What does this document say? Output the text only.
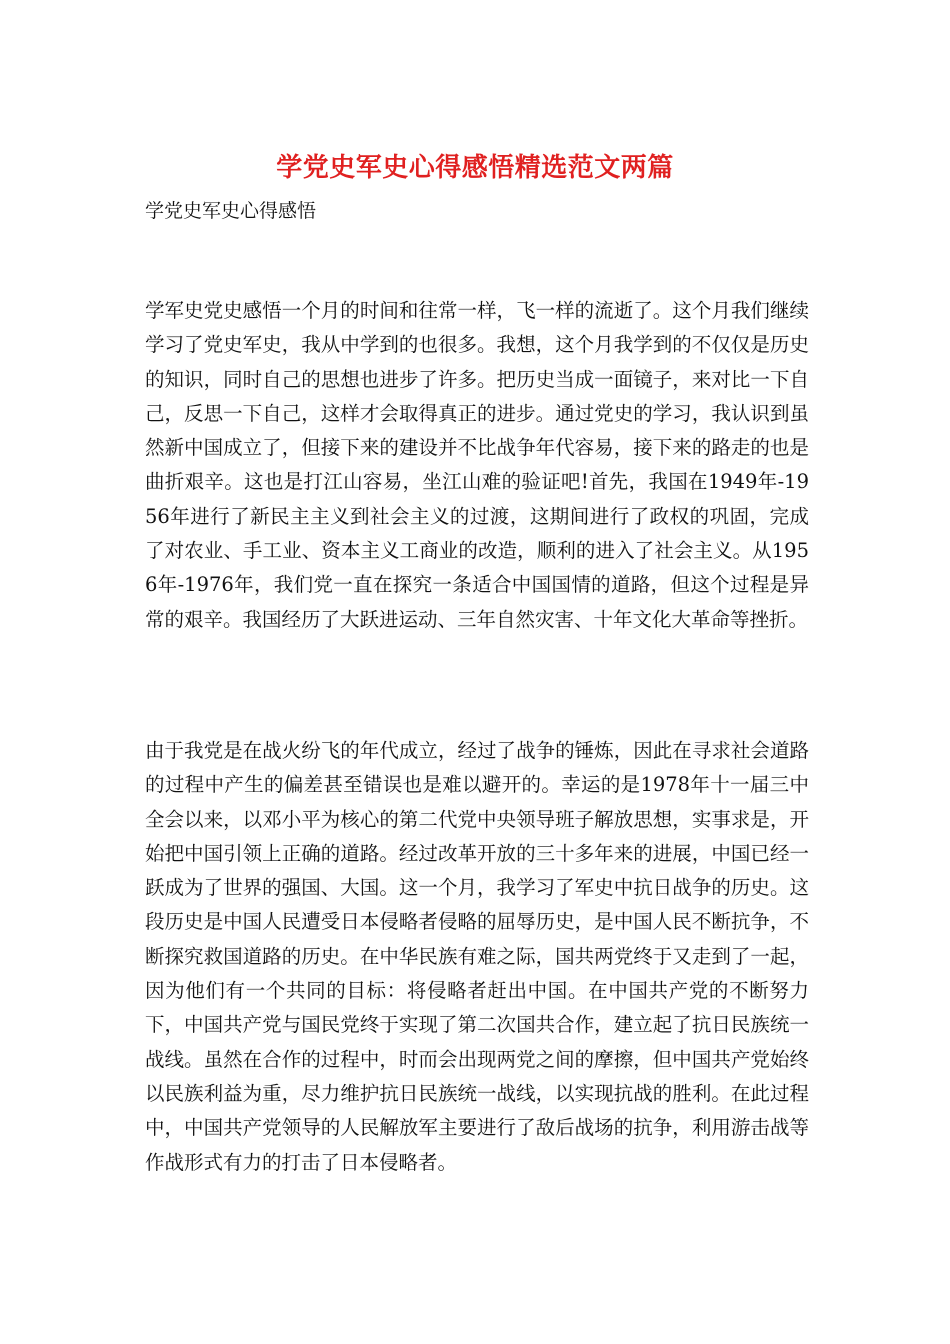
学党史军史心得感悟精选范文两篇
学党史军史心得感悟

学军史党史感悟一个月的时间和往常一样，飞一样的流逝了。这个月我们继续学习了党史军史，我从中学到的也很多。我想，这个月我学到的不仅仅是历史的知识，同时自己的思想也进步了许多。把历史当成一面镜子，来对比一下自己，反思一下自己，这样才会取得真正的进步。通过党史的学习，我认识到虽然新中国成立了，但接下来的建设并不比战争年代容易，接下来的路走的也是曲折艰辛。这也是打江山容易，坐江山难的验证吧!首先，我国在1949年-1956年进行了新民主主义到社会主义的过渡，这期间进行了政权的巩固，完成了对农业、手工业、资本主义工商业的改造，顺利的进入了社会主义。从1956年-1976年，我们党一直在探究一条适合中国国情的道路，但这个过程是异常的艰辛。我国经历了大跃进运动、三年自然灾害、十年文化大革命等挫折。

由于我党是在战火纷飞的年代成立，经过了战争的锤炼，因此在寻求社会道路的过程中产生的偏差甚至错误也是难以避开的。幸运的是1978年十一届三中全会以来，以邓小平为核心的第二代党中央领导班子解放思想，实事求是，开始把中国引领上正确的道路。经过改革开放的三十多年来的进展，中国已经一跃成为了世界的强国、大国。这一个月，我学习了军史中抗日战争的历史。这段历史是中国人民遭受日本侵略者侵略的屈辱历史，是中国人民不断抗争，不断探究救国道路的历史。在中华民族有难之际，国共两党终于又走到了一起，因为他们有一个共同的目标：将侵略者赶出中国。在中国共产党的不断努力下，中国共产党与国民党终于实现了第二次国共合作，建立起了抗日民族统一战线。虽然在合作的过程中，时而会出现两党之间的摩擦，但中国共产党始终以民族利益为重，尽力维护抗日民族统一战线，以实现抗战的胜利。在此过程中，中国共产党领导的人民解放军主要进行了敌后战场的抗争，利用游击战等作战形式有力的打击了日本侵略者。
